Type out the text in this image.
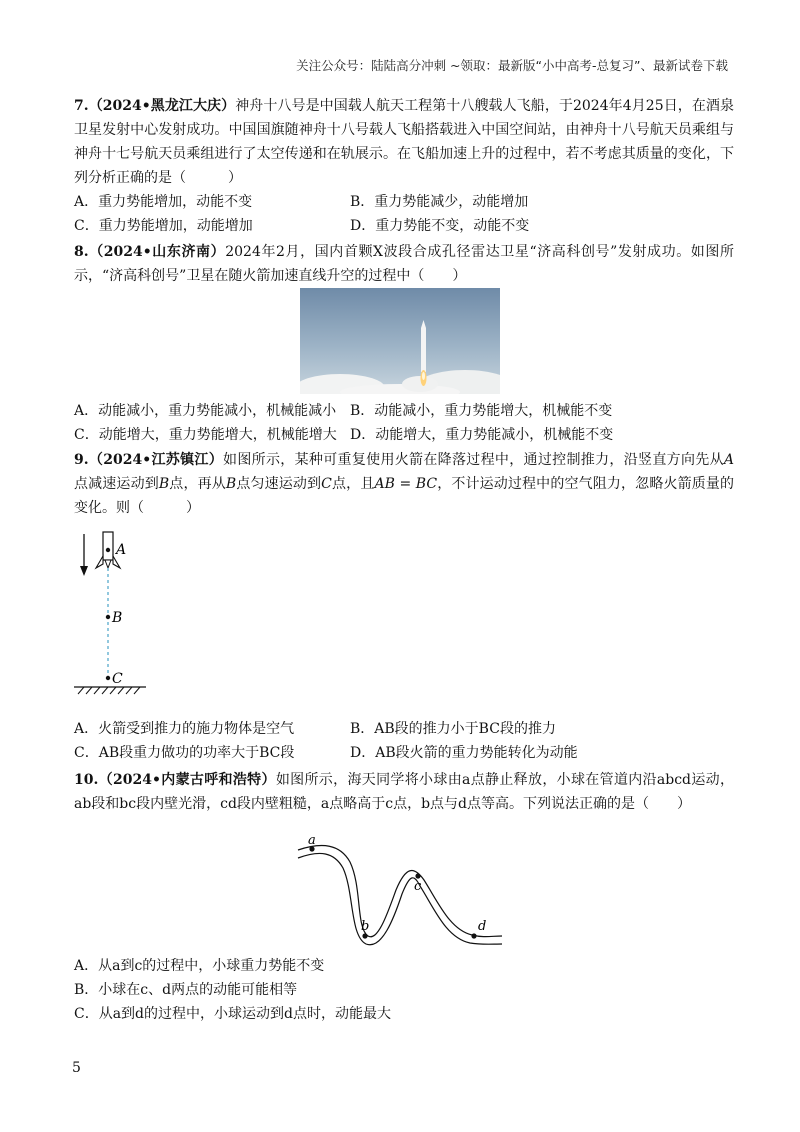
关注公众号：陆陆高分冲刺 ~领取：最新版“小中高考-总复习”、最新试卷下载
7.（2024•黑龙江大庆）神舟十八号是中国载人航天工程第十八艘载人飞船，于2024年4月25日，在酒泉卫星发射中心发射成功。中国国旗随神舟十八号载人飞船搭载进入中国空间站，由神舟十八号航天员乘组与神舟十七号航天员乘组进行了太空传递和在轨展示。在飞船加速上升的过程中，若不考虑其质量的变化，下列分析正确的是（　　　）
A．重力势能增加，动能不变	B．重力势能减少，动能增加
C．重力势能增加，动能增加	D．重力势能不变，动能不变
8.（2024•山东济南）2024年2月，国内首颗X波段合成孔径雷达卫星“济高科创号”发射成功。如图所示，“济高科创号”卫星在随火箭加速直线升空的过程中（　　）
A．动能减小，重力势能减小，机械能减小 B．动能减小，重力势能增大，机械能不变
C．动能增大，重力势能增大，机械能增大 D．动能增大，重力势能减小，机械能不变
9.（2024•江苏镇江）如图所示，某种可重复使用火箭在降落过程中，通过控制推力，沿竖直方向先从A点减速运动到B点，再从B点匀速运动到C点，且AB = BC，不计运动过程中的空气阻力，忽略火箭质量的变化。则（　　　）
A
B
C
A．火箭受到推力的施力物体是空气	B．AB段的推力小于BC段的推力
C．AB段重力做功的功率大于BC段	D．AB段火箭的重力势能转化为动能
10.（2024•内蒙古呼和浩特）如图所示，海天同学将小球由a点静止释放，小球在管道内沿abcd运动，ab段和bc段内壁光滑，cd段内壁粗糙，a点略高于c点，b点与d点等高。下列说法正确的是（　　）
a
b
c
d
A．从a到c的过程中，小球重力势能不变
B．小球在c、d两点的动能可能相等
C．从a到d的过程中，小球运动到d点时，动能最大
5
